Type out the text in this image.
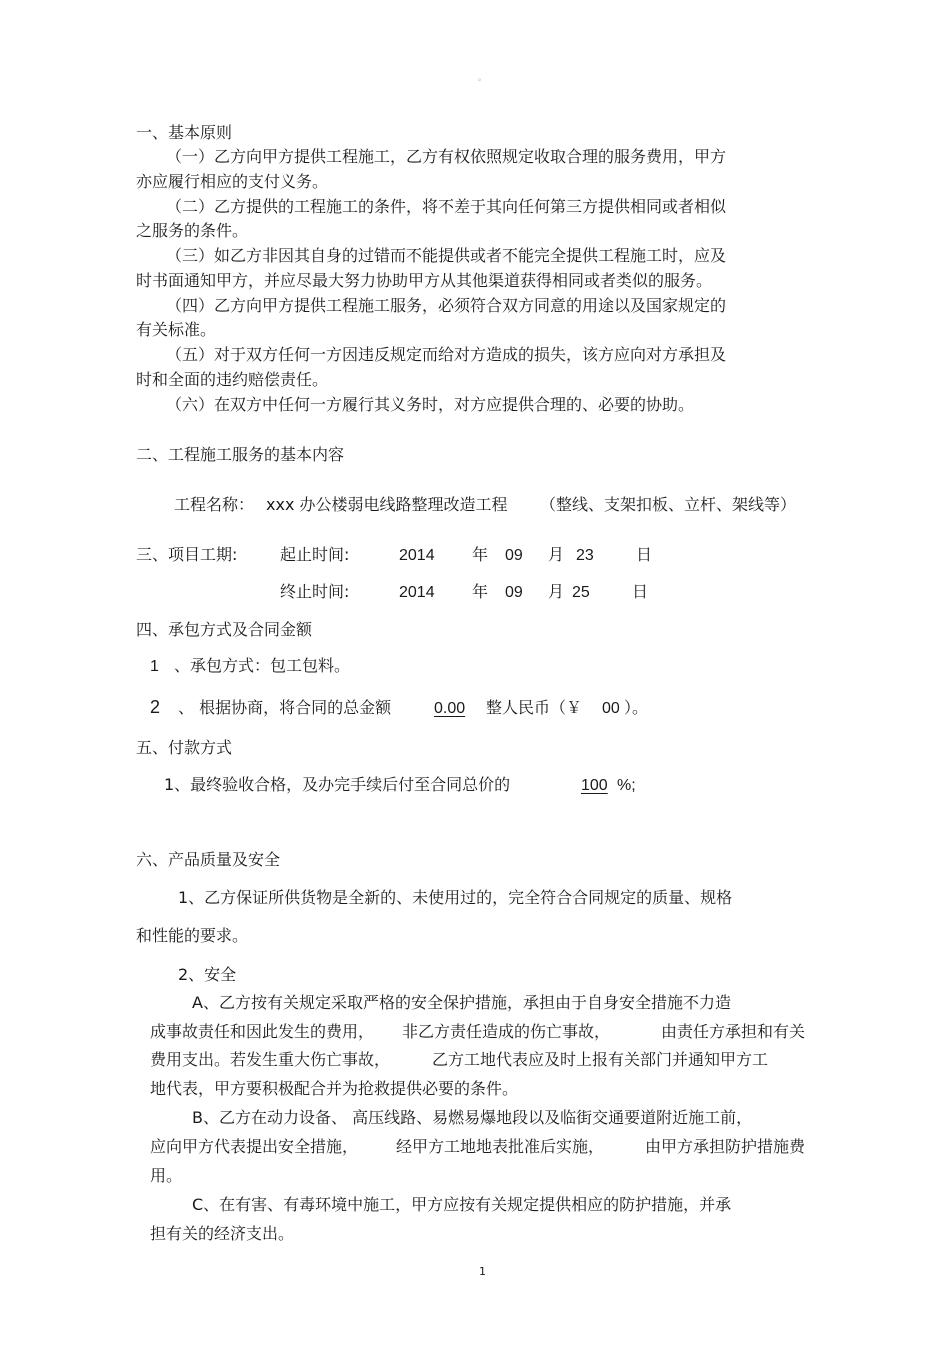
。
一、基本原则
（一）乙方向甲方提供工程施工，乙方有权依照规定收取合理的服务费用，甲方
亦应履行相应的支付义务。
（二）乙方提供的工程施工的条件，将不差于其向任何第三方提供相同或者相似
之服务的条件。
（三）如乙方非因其自身的过错而不能提供或者不能完全提供工程施工时，应及
时书面通知甲方，并应尽最大努力协助甲方从其他渠道获得相同或者类似的服务。
（四）乙方向甲方提供工程施工服务，必须符合双方同意的用途以及国家规定的
有关标准。
（五）对于双方任何一方因违反规定而给对方造成的损失，该方应向对方承担及
时和全面的违约赔偿责任。
（六）在双方中任何一方履行其义务时，对方应提供合理的、必要的协助。
二、工程施工服务的基本内容
工程名称： xxx 办公楼弱电线路整理改造工程 （整线、支架扣板、立杆、架线等）
三、项目工期:	起止时间:	2014 年 09 月 23	日
终止时间:	2014 年 09 月 25	日
四、承包方式及合同金额
1 、承包方式：包工包料。
2 、 根据协商，将合同的总金额	0.00 整人民币（￥ 00 ）。
五、付款方式
1、最终验收合格，及办完手续后付至合同总价的	100 %;
六、产品质量及安全
1、乙方保证所供货物是全新的、未使用过的，完全符合合同规定的质量、规格
和性能的要求。
2、安全
A、乙方按有关规定采取严格的安全保护措施，承担由于自身安全措施不力造
成事故责任和因此发生的费用， 非乙方责任造成的伤亡事故，	由责任方承担和有关
费用支出。若发生重大伤亡事故，	乙方工地代表应及时上报有关部门并通知甲方工
地代表，甲方要积极配合并为抢救提供必要的条件。
B、乙方在动力设备、 高压线路、易燃易爆地段以及临街交通要道附近施工前，
应向甲方代表提出安全措施， 经甲方工地地表批准后实施，	由甲方承担防护措施费
用。
C、在有害、有毒环境中施工，甲方应按有关规定提供相应的防护措施，并承
担有关的经济支出。
1
